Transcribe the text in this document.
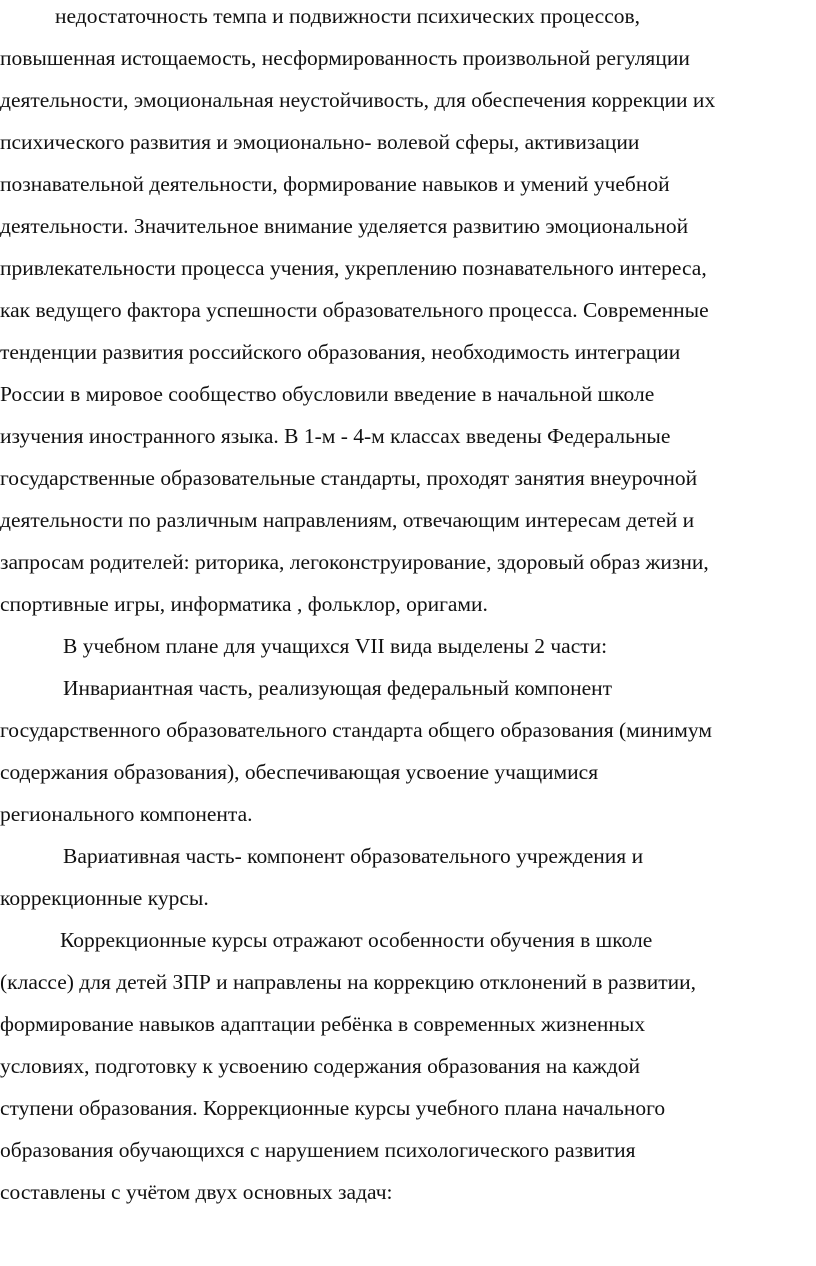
недостаточность темпа и подвижности психических процессов,

повышенная истощаемость, несформированность произвольной регуляции

деятельности, эмоциональная неустойчивость, для обеспечения коррекции их

психического развития и эмоционально- волевой сферы, активизации

познавательной деятельности, формирование навыков и умений учебной

деятельности. Значительное внимание уделяется развитию эмоциональной

привлекательности процесса учения, укреплению познавательного интереса,

как ведущего фактора успешности образовательного процесса. Современные

тенденции развития российского образования, необходимость интеграции

России в мировое сообщество обусловили введение в начальной школе

изучения иностранного языка. В 1-м - 4-м классах введены Федеральные

государственные образовательные стандарты, проходят занятия внеурочной

деятельности по различным направлениям, отвечающим интересам детей и

запросам родителей: риторика, легоконструирование, здоровый образ жизни,

спортивные игры, информатика , фольклор, оригами.

В учебном плане для учащихся VII вида выделены 2 части:

Инвариантная часть, реализующая федеральный компонент

государственного образовательного стандарта общего образования (минимум

содержания образования), обеспечивающая усвоение учащимися

регионального компонента.

Вариативная часть- компонент образовательного учреждения и

коррекционные курсы.

Коррекционные курсы отражают особенности обучения в школе

(классе) для детей ЗПР и направлены на коррекцию отклонений в развитии,

формирование навыков адаптации ребёнка в современных жизненных

условиях, подготовку к усвоению содержания образования на каждой

ступени образования. Коррекционные курсы учебного плана начального

образования обучающихся с нарушением психологического развития

составлены с учётом двух основных задач:
